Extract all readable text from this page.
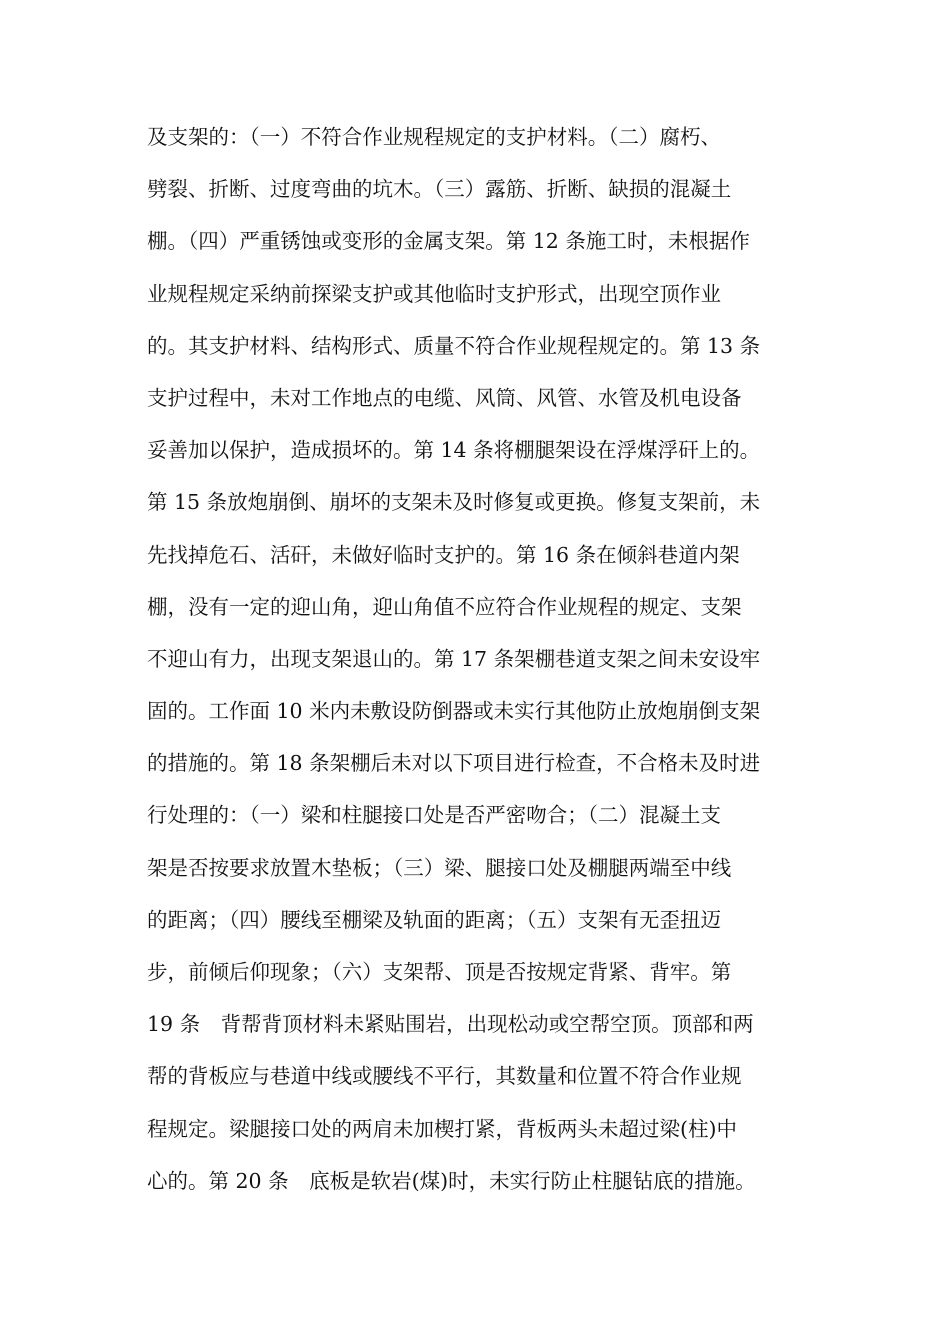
及支架的：（一）不符合作业规程规定的支护材料。（二）腐朽、
劈裂、折断、过度弯曲的坑木。（三）露筋、折断、缺损的混凝土
棚。（四）严重锈蚀或变形的金属支架。第 12 条施工时，未根据作
业规程规定采纳前探梁支护或其他临时支护形式，出现空顶作业
的。其支护材料、结构形式、质量不符合作业规程规定的。第 13 条
支护过程中，未对工作地点的电缆、风筒、风管、水管及机电设备
妥善加以保护，造成损坏的。第 14 条将棚腿架设在浮煤浮矸上的。
第 15 条放炮崩倒、崩坏的支架未及时修复或更换。修复支架前，未
先找掉危石、活矸，未做好临时支护的。第 16 条在倾斜巷道内架
棚，没有一定的迎山角，迎山角值不应符合作业规程的规定、支架
不迎山有力，出现支架退山的。第 17 条架棚巷道支架之间未安设牢
固的。工作面 10 米内未敷设防倒器或未实行其他防止放炮崩倒支架
的措施的。第 18 条架棚后未对以下项目进行检查，不合格未及时进
行处理的：（一）梁和柱腿接口处是否严密吻合；（二）混凝土支
架是否按要求放置木垫板；（三）梁、腿接口处及棚腿两端至中线
的距离；（四）腰线至棚梁及轨面的距离；（五）支架有无歪扭迈
步，前倾后仰现象；（六）支架帮、顶是否按规定背紧、背牢。第
19 条　背帮背顶材料未紧贴围岩，出现松动或空帮空顶。顶部和两
帮的背板应与巷道中线或腰线不平行，其数量和位置不符合作业规
程规定。梁腿接口处的两肩未加楔打紧，背板两头未超过梁(柱)中
心的。第 20 条　底板是软岩(煤)时，未实行防止柱腿钻底的措施。
